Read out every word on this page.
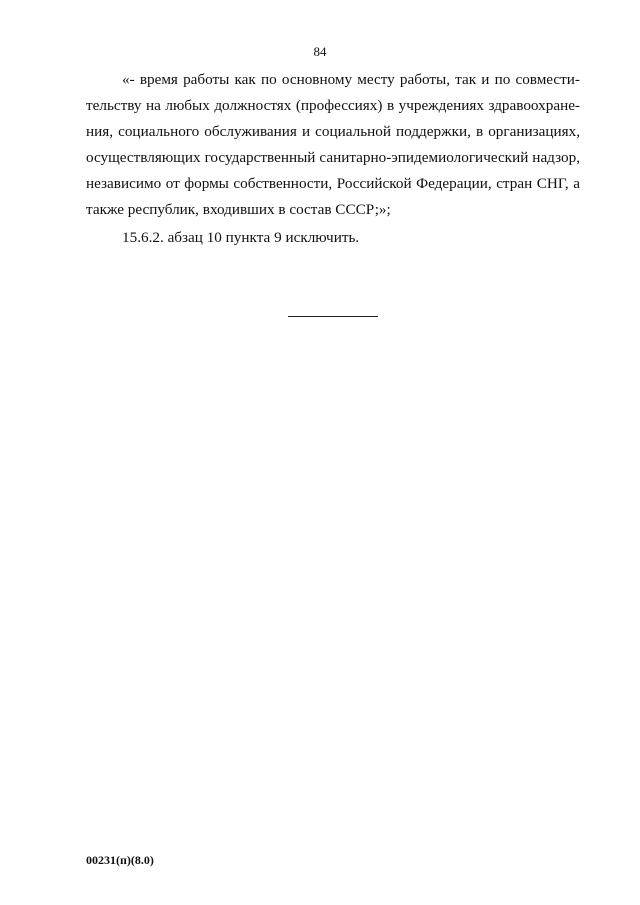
84
«- время работы как по основному месту работы, так и по совмести-
тельству на любых должностях (профессиях) в учреждениях здравоохране-
ния, социального обслуживания и социальной поддержки, в организациях,
осуществляющих государственный санитарно-эпидемиологический надзор,
независимо от формы собственности, Российской Федерации, стран СНГ, а
также республик, входивших в состав СССР;»;
15.6.2. абзац 10 пункта 9 исключить.
00231(п)(8.0)
